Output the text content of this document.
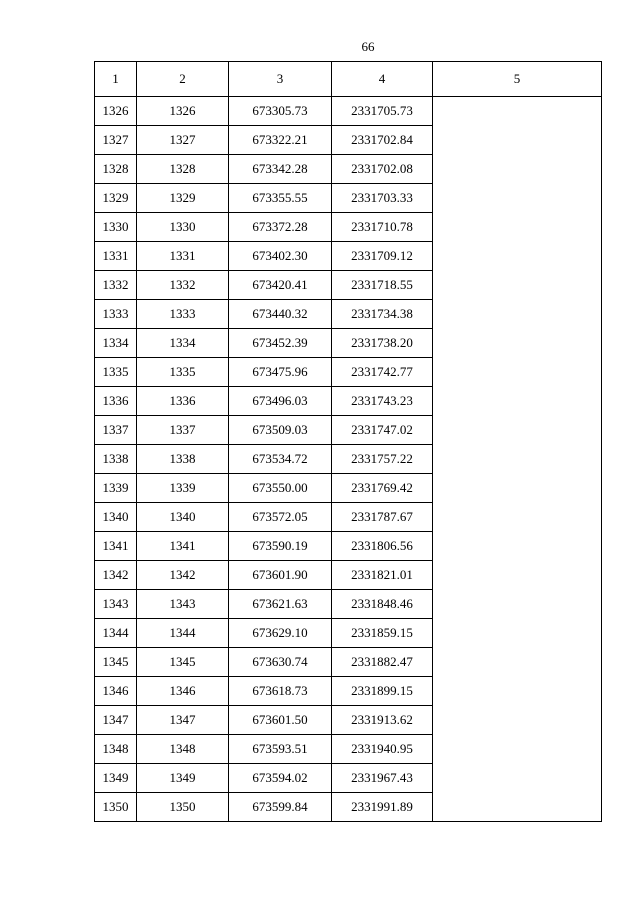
66
1	2	3	4	5
1326	1326	673305.73	2331705.73	
1327	1327	673322.21	2331702.84	
1328	1328	673342.28	2331702.08	
1329	1329	673355.55	2331703.33	
1330	1330	673372.28	2331710.78	
1331	1331	673402.30	2331709.12	
1332	1332	673420.41	2331718.55	
1333	1333	673440.32	2331734.38	
1334	1334	673452.39	2331738.20	
1335	1335	673475.96	2331742.77	
1336	1336	673496.03	2331743.23	
1337	1337	673509.03	2331747.02	
1338	1338	673534.72	2331757.22	
1339	1339	673550.00	2331769.42	
1340	1340	673572.05	2331787.67	
1341	1341	673590.19	2331806.56	
1342	1342	673601.90	2331821.01	
1343	1343	673621.63	2331848.46	
1344	1344	673629.10	2331859.15	
1345	1345	673630.74	2331882.47	
1346	1346	673618.73	2331899.15	
1347	1347	673601.50	2331913.62	
1348	1348	673593.51	2331940.95	
1349	1349	673594.02	2331967.43	
1350	1350	673599.84	2331991.89	
